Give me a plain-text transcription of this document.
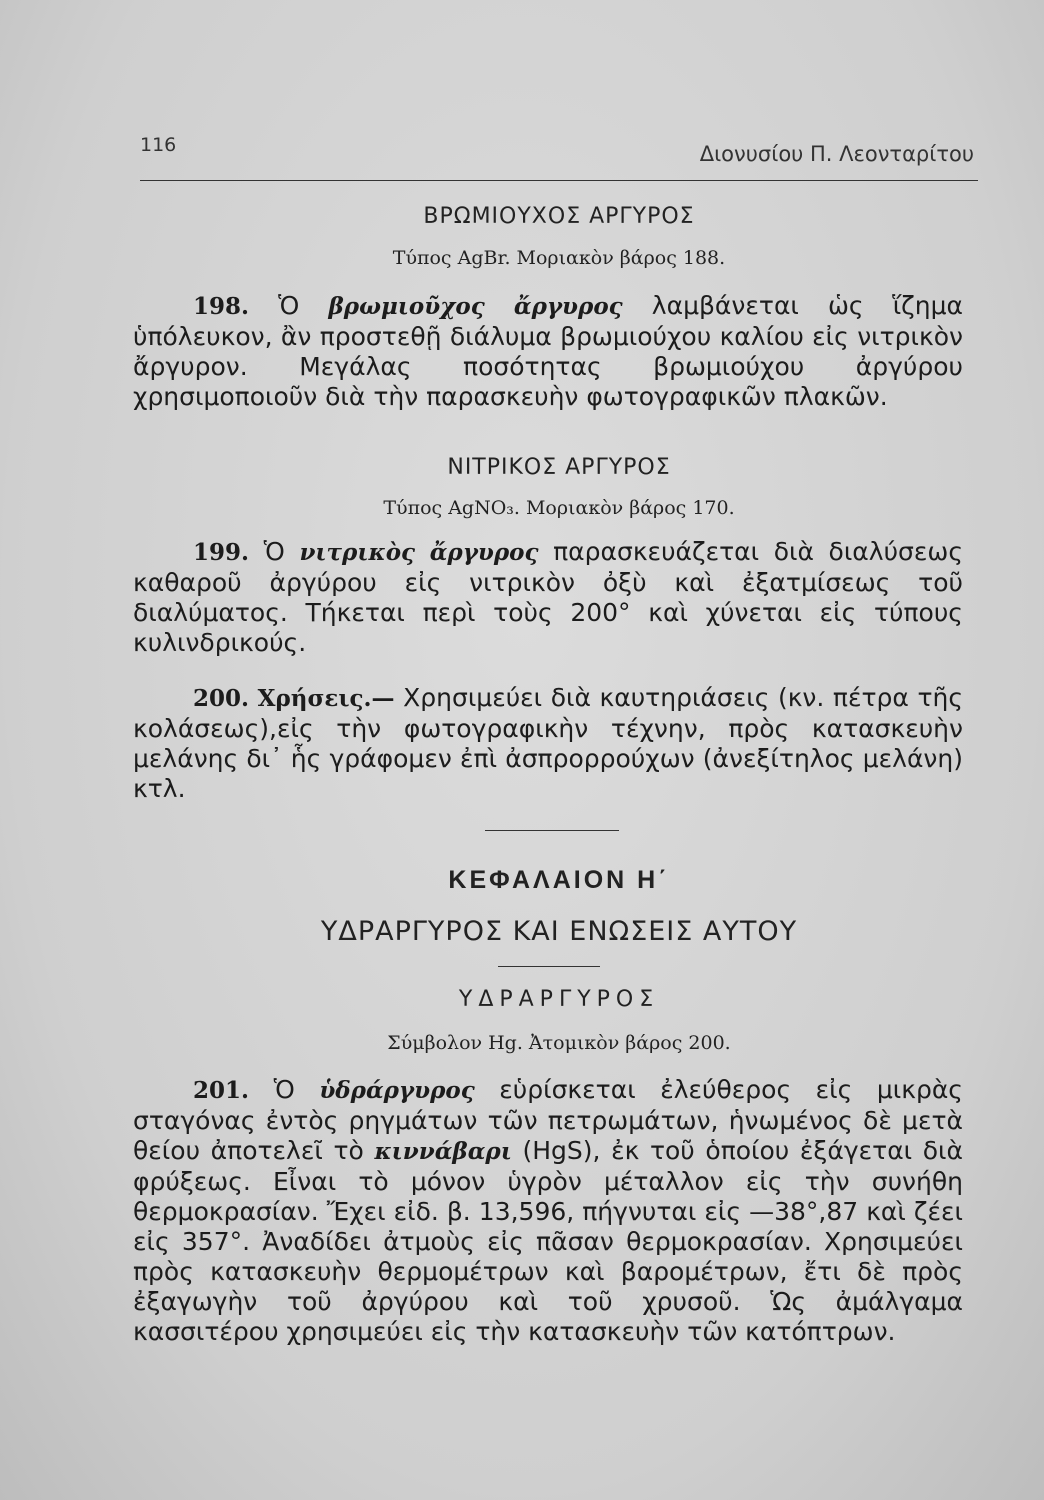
116	Διονυσίου Π. Λεονταρίτου
ΒΡΩΜΙΟΥΧΟΣ ΑΡΓΥΡΟΣ
Τύπος AgBr. Μοριακὸν βάρος 188.

198. Ὁ βρωμιοῦχος ἄργυρος λαμβάνεται ὡς ἵζημα ὑπόλευκον, ἂν προστεθῇ διάλυμα βρωμιούχου καλίου εἰς νιτρικὸν ἄργυρον. Μεγάλας ποσότητας βρωμιούχου ἀργύρου χρησιμοποιοῦν διὰ τὴν παρασκευὴν φωτογραφικῶν πλακῶν.

ΝΙΤΡΙΚΟΣ ΑΡΓΥΡΟΣ
Τύπος AgNO₃. Μοριακὸν βάρος 170.

199. Ὁ νιτρικὸς ἄργυρος παρασκευάζεται διὰ διαλύσεως καθαροῦ ἀργύρου εἰς νιτρικὸν ὀξὺ καὶ ἐξατμίσεως τοῦ διαλύματος. Τήκεται περὶ τοὺς 200° καὶ χύνεται εἰς τύπους κυλινδρικούς.

200. Χρήσεις.— Χρησιμεύει διὰ καυτηριάσεις (κν. πέτρα τῆς κολάσεως),εἰς τὴν φωτογραφικὴν τέχνην, πρὸς κατασκευὴν μελάνης δι᾽ ἧς γράφομεν ἐπὶ ἀσπρορρούχων (ἀνεξίτηλος μελάνη) κτλ.

ΚΕΦΑΛΑΙΟΝ Η΄
ΥΔΡΑΡΓΥΡΟΣ ΚΑΙ ΕΝΩΣΕΙΣ ΑΥΤΟΥ
ΥΔΡΑΡΓΥΡΟΣ
Σύμβολον Hg. Ἀτομικὸν βάρος 200.

201. Ὁ ὑδράργυρος εὑρίσκεται ἐλεύθερος εἰς μικρὰς σταγόνας ἐντὸς ρηγμάτων τῶν πετρωμάτων, ἡνωμένος δὲ μετὰ θείου ἀποτελεῖ τὸ κιννάβαρι (HgS), ἐκ τοῦ ὁποίου ἐξάγεται διὰ φρύξεως. Εἶναι τὸ μόνον ὑγρὸν μέταλλον εἰς τὴν συνήθη θερμοκρασίαν. Ἔχει εἰδ. β. 13,596, πήγνυται εἰς —38°,87 καὶ ζέει εἰς 357°. Ἀναδίδει ἀτμοὺς εἰς πᾶσαν θερμοκρασίαν. Χρησιμεύει πρὸς κατασκευὴν θερμομέτρων καὶ βαρομέτρων, ἔτι δὲ πρὸς ἐξαγωγὴν τοῦ ἀργύρου καὶ τοῦ χρυσοῦ. Ὡς ἀμάλγαμα κασσιτέρου χρησιμεύει εἰς τὴν κατασκευὴν τῶν κατόπτρων.
